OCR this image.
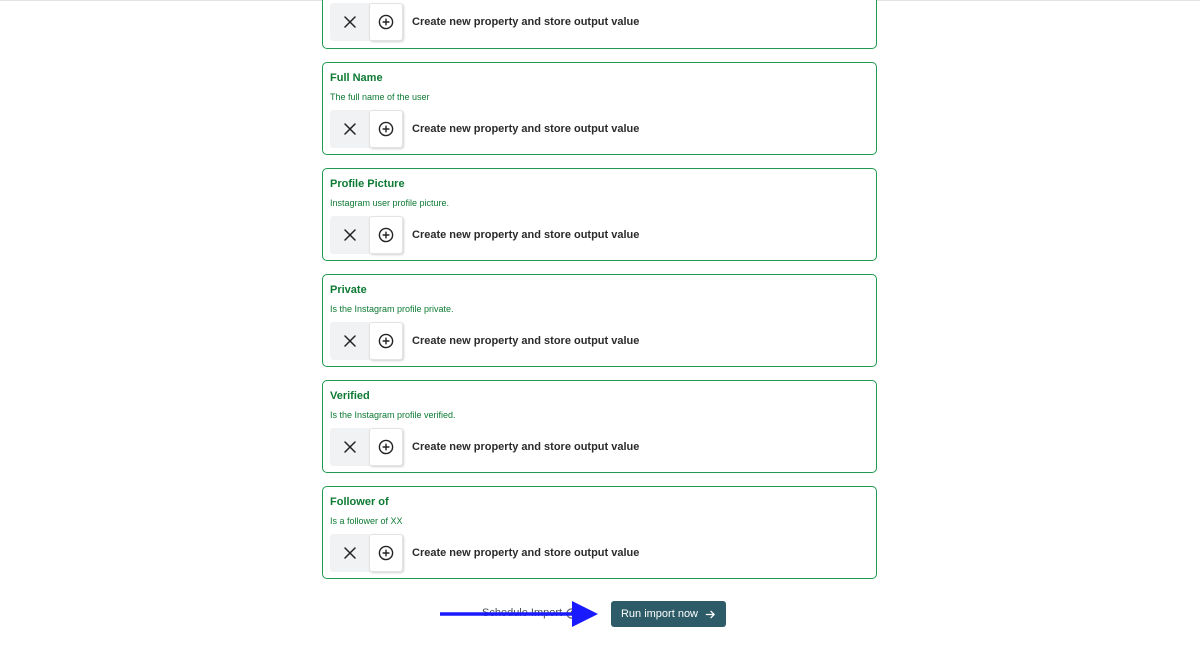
Create new property and store output value

Full Name

The full name of the user

Create new property and store output value

Profile Picture

Instagram user profile picture.

Create new property and store output value

Private

Is the Instagram profile private.

Create new property and store output value

Verified

Is the Instagram profile verified.

Create new property and store output value

Follower of

Is a follower of XX

Create new property and store output value
Schedule Import	Run import now
